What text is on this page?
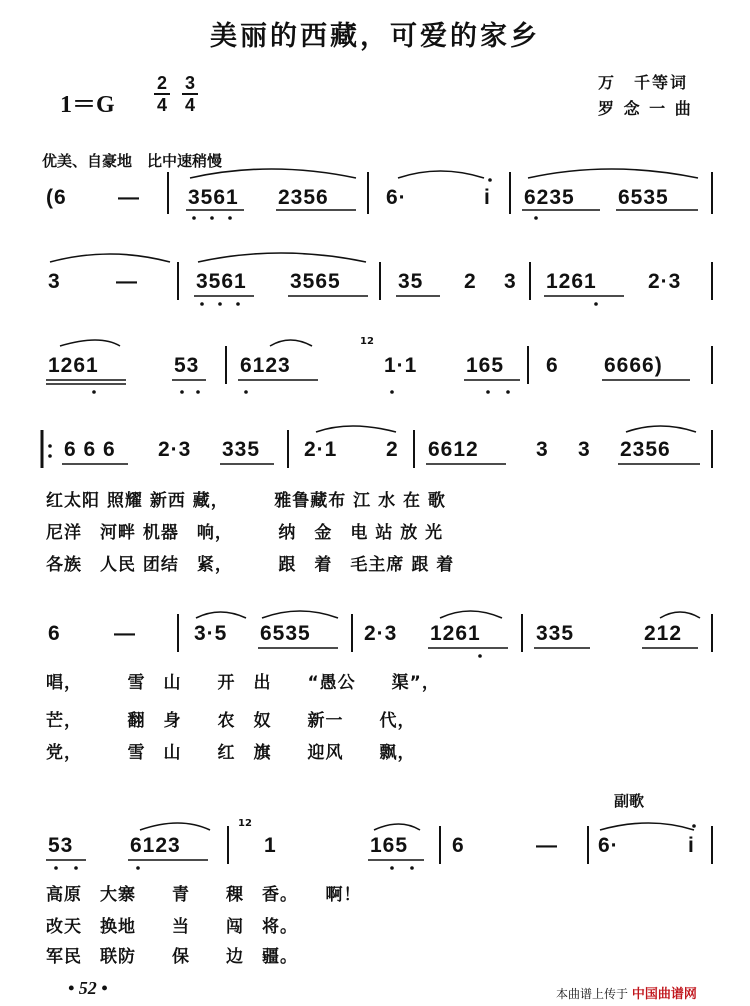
美丽的西藏，可爱的家乡
1＝G
2
4
3
4
万　千等词
罗 念 一 曲
优美、自豪地　比中速稍慢
(6 — 3561 2356	6·	i 6235 6535
3	—	3561 3565	35 2 3 1261 2·3
1261	53 6123	1·1 165 6 6666)
6 6 6 2·3 335 2·1 2 6612	3 3 2356
红太阳 照耀 新西 藏，　　　雅鲁藏布 江 水 在 歌
尼洋　河畔 机器　响，　　　纳　金　电 站 放 光
各族　人民 团结　紧，　　　跟　着　毛主席 跟 着
6	—	3·5 6535	2·3 1261	335	212
唱，　　　雪　山　　开　出　　“愚公　　渠”，
芒，　　　翻　身　　农　奴　　新一　　代，
党，　　　雪　山　　红　旗　　迎风　　飘，
53	6123	1	165 6	— 6·	i
高原　大寨　　青　　稞　香。　　啊！
改天　换地　　当　　闯　将。
军民　联防　　保　　边　疆。
副歌
12
12
• 52 •	本曲谱上传于 中国曲谱网
